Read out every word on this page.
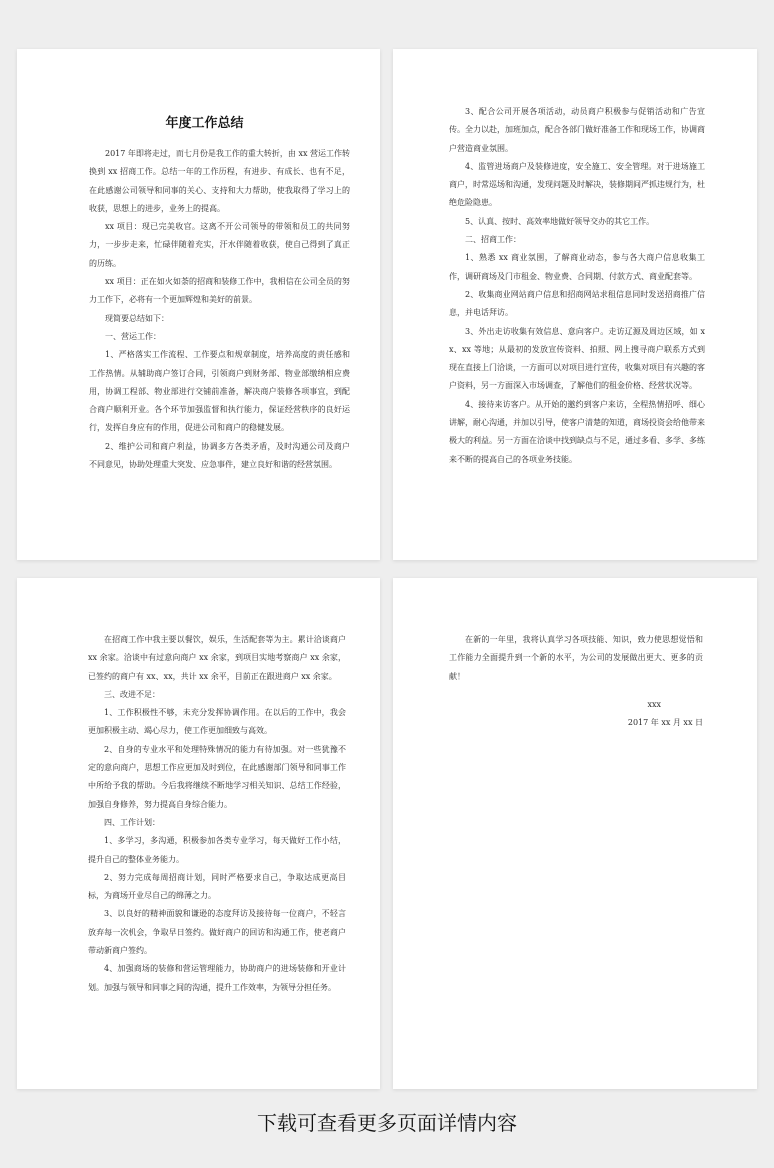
年度工作总结

2017 年即将走过，而七月份是我工作的重大转折，由 xx 营运工作转换到 xx 招商工作。总结一年的工作历程，有进步、有成长、也有不足，在此感谢公司领导和同事的关心、支持和大力帮助，使我取得了学习上的收获，思想上的进步，业务上的提高。

xx 项目：现已完美收官。这离不开公司领导的带领和员工的共同努力，一步步走来，忙碌伴随着充实，汗水伴随着收获，使自己得到了真正的历练。

xx 项目：正在如火如荼的招商和装修工作中，我相信在公司全员的努力工作下，必将有一个更加辉煌和美好的前景。

现简要总结如下：

一、营运工作：

1、严格落实工作流程、工作要点和规章制度，培养高度的责任感和工作热情。从辅助商户签订合同，引领商户到财务部、物业部缴纳相应费用，协调工程部、物业部进行交铺前准备，解决商户装修各项事宜，到配合商户顺利开业。各个环节加强监督和执行能力，保证经营秩序的良好运行，发挥自身应有的作用，促进公司和商户的稳健发展。

2、维护公司和商户利益，协调多方各类矛盾，及时沟通公司及商户不同意见，协助处理重大突发、应急事件，建立良好和谐的经营氛围。

3、配合公司开展各项活动，动员商户积极参与促销活动和广告宣传。全力以赴，加班加点，配合各部门做好准备工作和现场工作，协调商户营造商业氛围。

4、监管进场商户及装修进度，安全施工、安全管理。对于进场施工商户，时常巡场和沟通，发现问题及时解决，装修期间严抓违规行为，杜绝危险隐患。

5、认真、按时、高效率地做好领导交办的其它工作。

二、招商工作：

1、熟悉 xx 商业氛围，了解商业动态，参与各大商户信息收集工作，调研商场及门市租金、物业费、合同期、付款方式、商业配套等。

2、收集商业网站商户信息和招商网站求租信息同时发送招商推广信息，并电话拜访。

3、外出走访收集有效信息、意向客户。走访辽源及周边区域，如 xx、xx 等地；从最初的发放宣传资料、拍照、网上搜寻商户联系方式到现在直接上门洽谈，一方面可以对项目进行宣传，收集对项目有兴趣的客户资料，另一方面深入市场调查，了解他们的租金价格、经营状况等。

4、接待来访客户。从开始的邀约到客户来访，全程热情招呼、细心讲解，耐心沟通，并加以引导，使客户清楚的知道，商场投资会给他带来极大的利益。另一方面在洽谈中找到缺点与不足，通过多看、多学、多练来不断的提高自己的各项业务技能。

在招商工作中我主要以餐饮，娱乐，生活配套等为主。累计洽谈商户 xx 余家。洽谈中有过意向商户 xx 余家，到项目实地考察商户 xx 余家，已签约的商户有 xx、xx，共计 xx 余平，目前正在跟进商户 xx 余家。

三、改进不足：

1、工作积极性不够，未充分发挥协调作用。在以后的工作中，我会更加积极主动、竭心尽力，使工作更加细致与高效。

2、自身的专业水平和处理特殊情况的能力有待加强。对一些犹豫不定的意向商户，思想工作应更加及时到位，在此感谢部门领导和同事工作中所给予我的帮助。今后我将继续不断地学习相关知识、总结工作经验，加强自身修养，努力提高自身综合能力。

四、工作计划：

1、多学习，多沟通，积极参加各类专业学习，每天做好工作小结，提升自己的整体业务能力。

2、努力完成每周招商计划，同时严格要求自己，争取达成更高目标，为商场开业尽自己的绵薄之力。

3、以良好的精神面貌和谦逊的态度拜访及接待每一位商户，不轻言放弃每一次机会，争取早日签约。做好商户的回访和沟通工作，使老商户带动新商户签约。

4、加强商场的装修和营运管理能力，协助商户的进场装修和开业计划。加强与领导和同事之间的沟通，提升工作效率，为领导分担任务。

在新的一年里，我将认真学习各项技能、知识，致力使思想觉悟和工作能力全面提升到一个新的水平，为公司的发展做出更大、更多的贡献！

xxx

2017 年 xx 月 xx 日

下载可查看更多页面详情内容
